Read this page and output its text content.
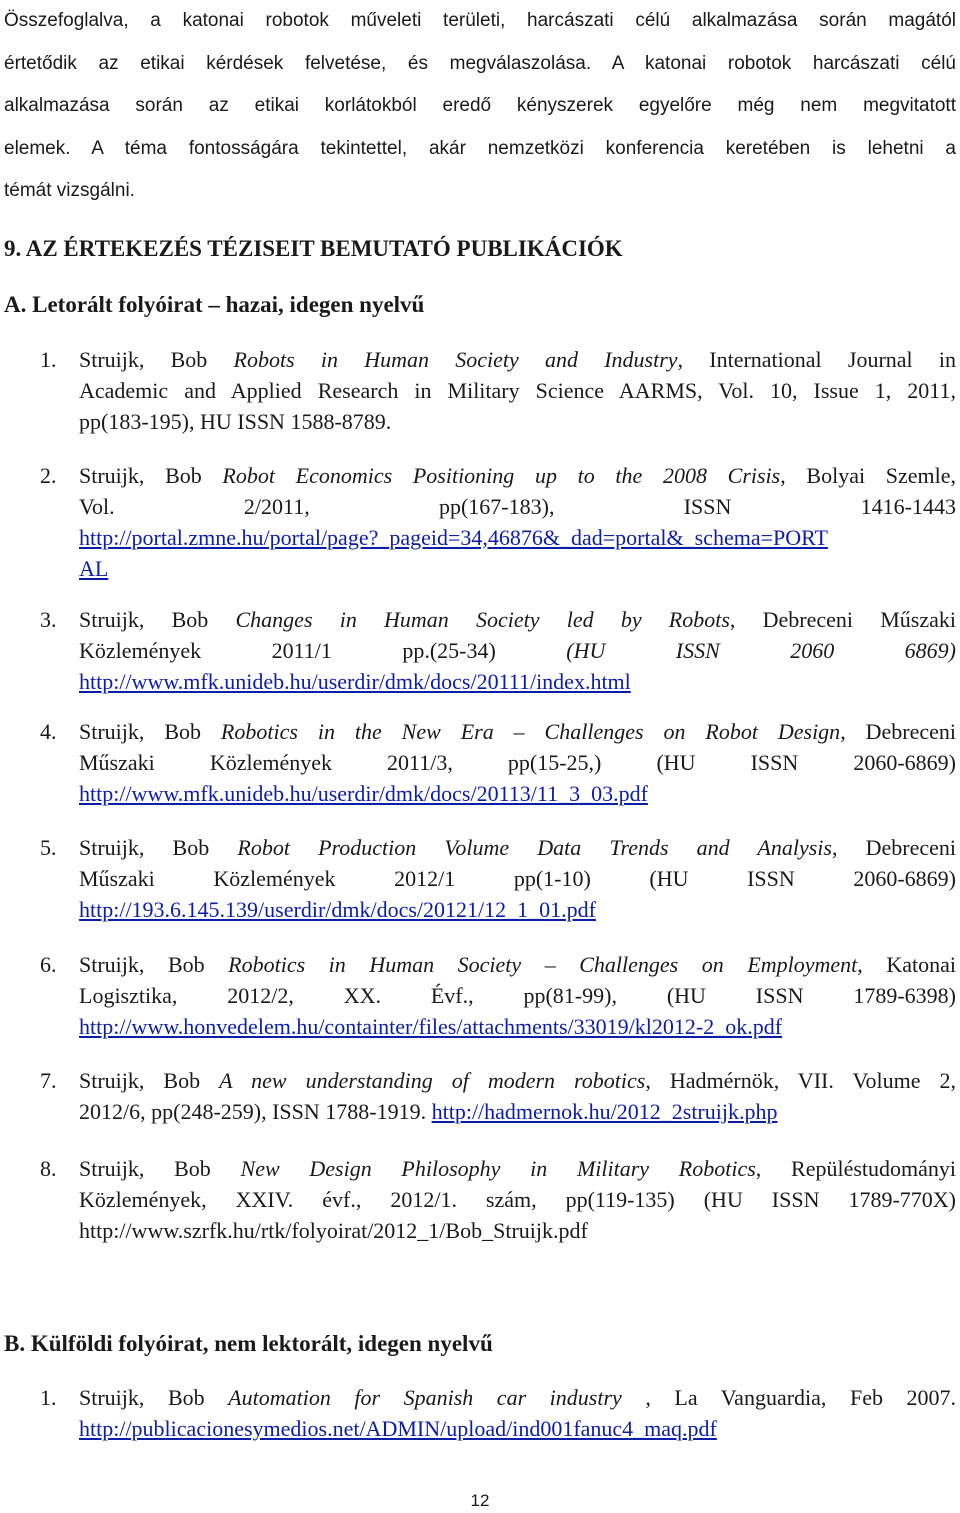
Összefoglalva, a katonai robotok műveleti területi, harcászati célú alkalmazása során magától
értetődik az etikai kérdések felvetése, és megválaszolása. A katonai robotok harcászati célú
alkalmazása során az etikai korlátokból eredő kényszerek egyelőre még nem megvitatott
elemek. A téma fontosságára tekintettel, akár nemzetközi konferencia keretében is lehetni a
témát vizsgálni.
9. AZ ÉRTEKEZÉS TÉZISEIT BEMUTATÓ PUBLIKÁCIÓK
A. Letorált folyóirat – hazai, idegen nyelvű
1. Struijk, Bob Robots in Human Society and Industry, International Journal in
Academic and Applied Research in Military Science AARMS, Vol. 10, Issue 1, 2011,
pp(183-195), HU ISSN 1588-8789.
2. Struijk, Bob Robot Economics Positioning up to the 2008 Crisis, Bolyai Szemle,
Vol. 2/2011, pp(167-183), ISSN 1416-1443
http://portal.zmne.hu/portal/page?_pageid=34,46876&_dad=portal&_schema=PORT
AL
3. Struijk, Bob Changes in Human Society led by Robots, Debreceni Műszaki
Közlemények 2011/1 pp.(25-34) (HU ISSN 2060 6869)
http://www.mfk.unideb.hu/userdir/dmk/docs/20111/index.html
4. Struijk, Bob Robotics in the New Era – Challenges on Robot Design, Debreceni
Műszaki Közlemények 2011/3, pp(15-25,) (HU ISSN 2060-6869)
http://www.mfk.unideb.hu/userdir/dmk/docs/20113/11_3_03.pdf
5. Struijk, Bob Robot Production Volume Data Trends and Analysis, Debreceni
Műszaki Közlemények 2012/1 pp(1-10) (HU ISSN 2060-6869)
http://193.6.145.139/userdir/dmk/docs/20121/12_1_01.pdf
6. Struijk, Bob Robotics in Human Society – Challenges on Employment, Katonai
Logisztika, 2012/2, XX. Évf., pp(81-99), (HU ISSN 1789-6398)
http://www.honvedelem.hu/containter/files/attachments/33019/kl2012-2_ok.pdf
7. Struijk, Bob A new understanding of modern robotics, Hadmérnök, VII. Volume 2,
2012/6, pp(248-259), ISSN 1788-1919. http://hadmernok.hu/2012_2struijk.php
8. Struijk, Bob New Design Philosophy in Military Robotics, Repüléstudományi
Közlemények, XXIV. évf., 2012/1. szám, pp(119-135) (HU ISSN 1789-770X)
http://www.szrfk.hu/rtk/folyoirat/2012_1/Bob_Struijk.pdf
B. Külföldi folyóirat, nem lektorált, idegen nyelvű
1. Struijk, Bob Automation for Spanish car industry , La Vanguardia, Feb 2007.
http://publicacionesymedios.net/ADMIN/upload/ind001fanuc4_maq.pdf
12
